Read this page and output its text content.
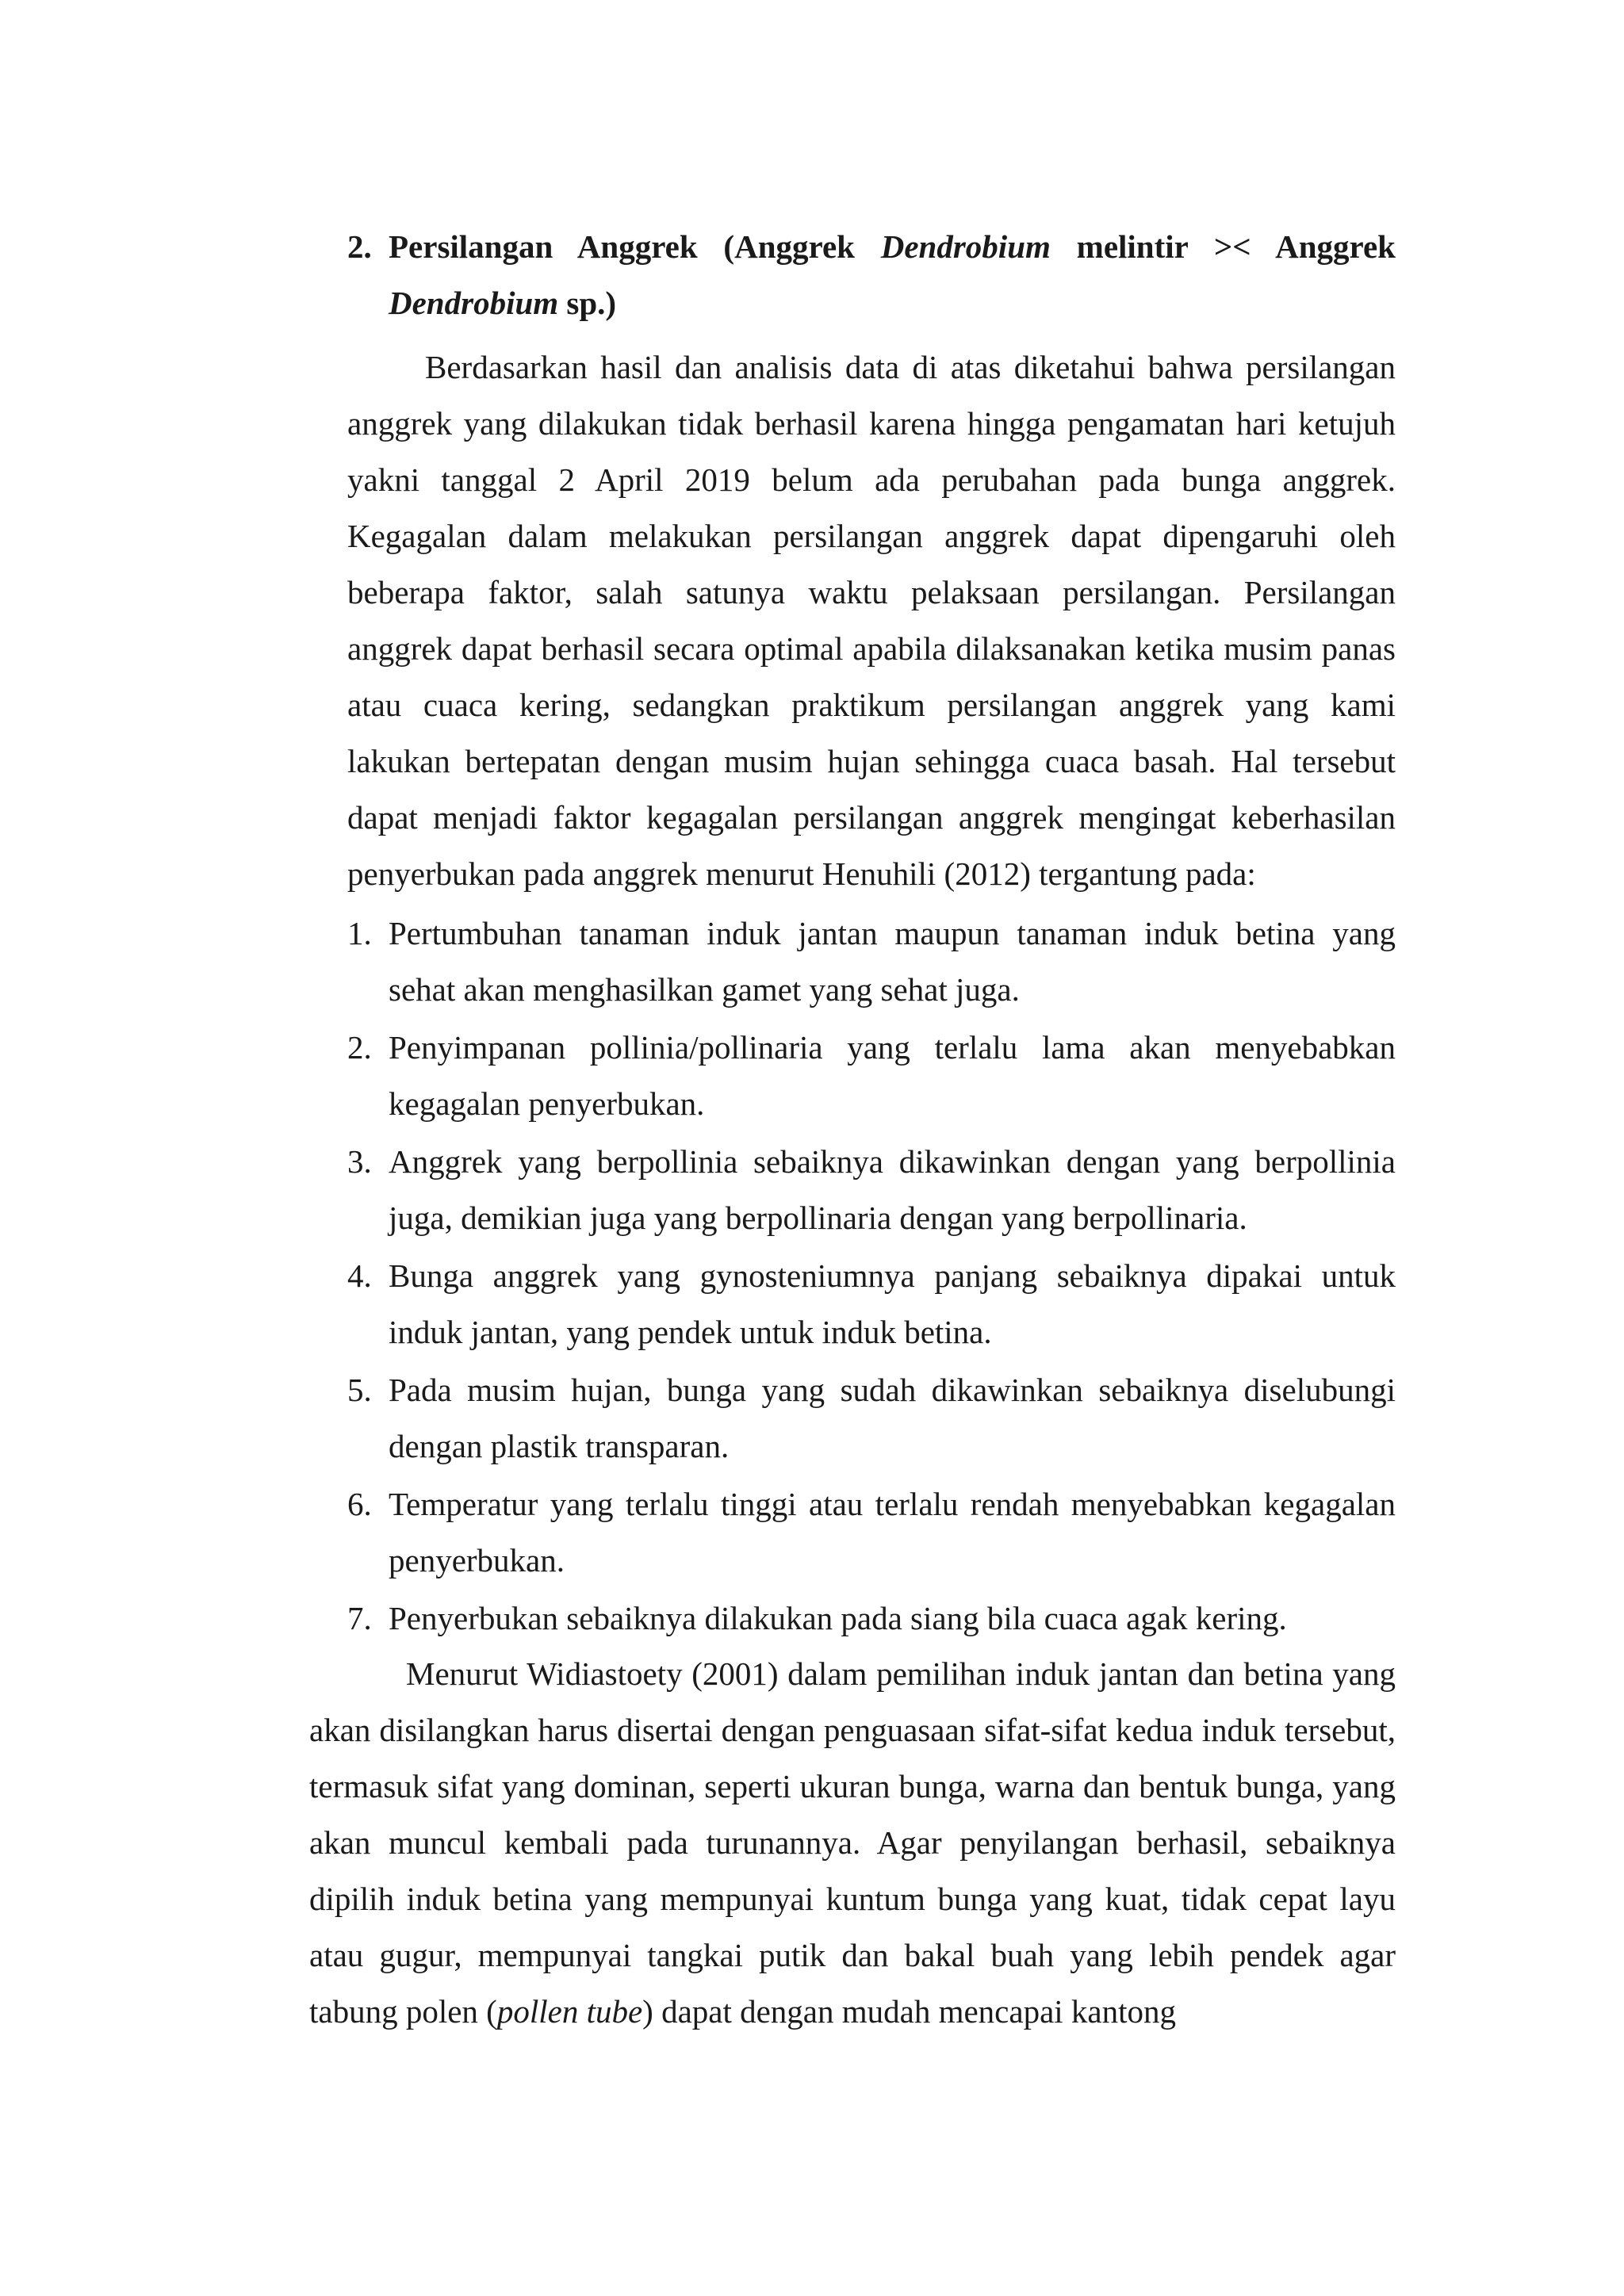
2. Persilangan Anggrek (Anggrek Dendrobium melintir >< Anggrek Dendrobium sp.)

Berdasarkan hasil dan analisis data di atas diketahui bahwa persilangan anggrek yang dilakukan tidak berhasil karena hingga pengamatan hari ketujuh yakni tanggal 2 April 2019 belum ada perubahan pada bunga anggrek. Kegagalan dalam melakukan persilangan anggrek dapat dipengaruhi oleh beberapa faktor, salah satunya waktu pelaksaan persilangan. Persilangan anggrek dapat berhasil secara optimal apabila dilaksanakan ketika musim panas atau cuaca kering, sedangkan praktikum persilangan anggrek yang kami lakukan bertepatan dengan musim hujan sehingga cuaca basah. Hal tersebut dapat menjadi faktor kegagalan persilangan anggrek mengingat keberhasilan penyerbukan pada anggrek menurut Henuhili (2012) tergantung pada:

1. Pertumbuhan tanaman induk jantan maupun tanaman induk betina yang sehat akan menghasilkan gamet yang sehat juga.
2. Penyimpanan pollinia/pollinaria yang terlalu lama akan menyebabkan kegagalan penyerbukan.
3. Anggrek yang berpollinia sebaiknya dikawinkan dengan yang berpollinia juga, demikian juga yang berpollinaria dengan yang berpollinaria.
4. Bunga anggrek yang gynosteniumnya panjang sebaiknya dipakai untuk induk jantan, yang pendek untuk induk betina.
5. Pada musim hujan, bunga yang sudah dikawinkan sebaiknya diselubungi dengan plastik transparan.
6. Temperatur yang terlalu tinggi atau terlalu rendah menyebabkan kegagalan penyerbukan.
7. Penyerbukan sebaiknya dilakukan pada siang bila cuaca agak kering.

Menurut Widiastoety (2001) dalam pemilihan induk jantan dan betina yang akan disilangkan harus disertai dengan penguasaan sifat-sifat kedua induk tersebut, termasuk sifat yang dominan, seperti ukuran bunga, warna dan bentuk bunga, yang akan muncul kembali pada turunannya. Agar penyilangan berhasil, sebaiknya dipilih induk betina yang mempunyai kuntum bunga yang kuat, tidak cepat layu atau gugur, mempunyai tangkai putik dan bakal buah yang lebih pendek agar tabung polen (pollen tube) dapat dengan mudah mencapai kantong
